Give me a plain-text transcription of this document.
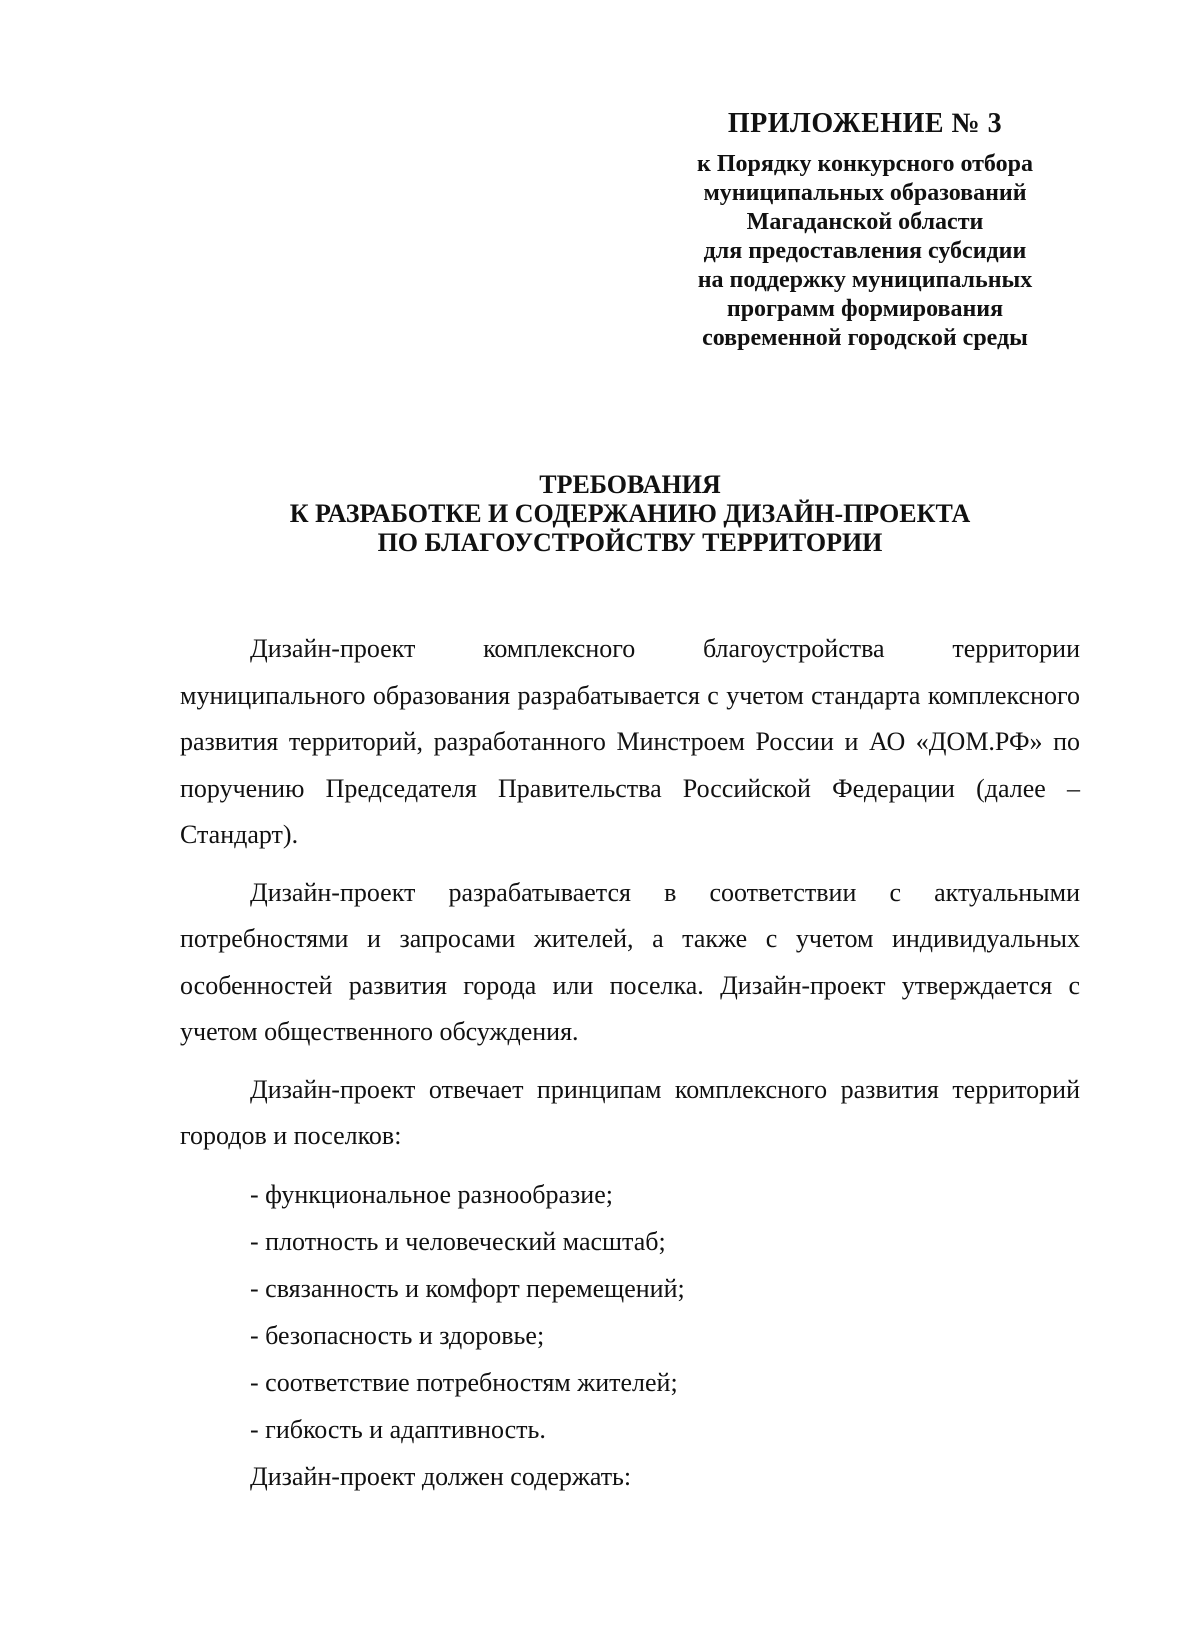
ПРИЛОЖЕНИЕ № 3
к Порядку конкурсного отбора
муниципальных образований
Магаданской области
для предоставления субсидии
на поддержку муниципальных
программ формирования
современной городской среды
ТРЕБОВАНИЯ
К РАЗРАБОТКЕ И СОДЕРЖАНИЮ ДИЗАЙН-ПРОЕКТА
ПО БЛАГОУСТРОЙСТВУ ТЕРРИТОРИИ

Дизайн-проект комплексного благоустройства территории муниципального образования разрабатывается с учетом стандарта комплексного развития территорий, разработанного Минстроем России и АО «ДОМ.РФ» по поручению Председателя Правительства Российской Федерации (далее – Стандарт).

Дизайн-проект разрабатывается в соответствии с актуальными потребностями и запросами жителей, а также с учетом индивидуальных особенностей развития города или поселка. Дизайн-проект утверждается с учетом общественного обсуждения.

Дизайн-проект отвечает принципам комплексного развития территорий городов и поселков:

- функциональное разнообразие;
- плотность и человеческий масштаб;
- связанность и комфорт перемещений;
- безопасность и здоровье;
- соответствие потребностям жителей;
- гибкость и адаптивность.
Дизайн-проект должен содержать:
